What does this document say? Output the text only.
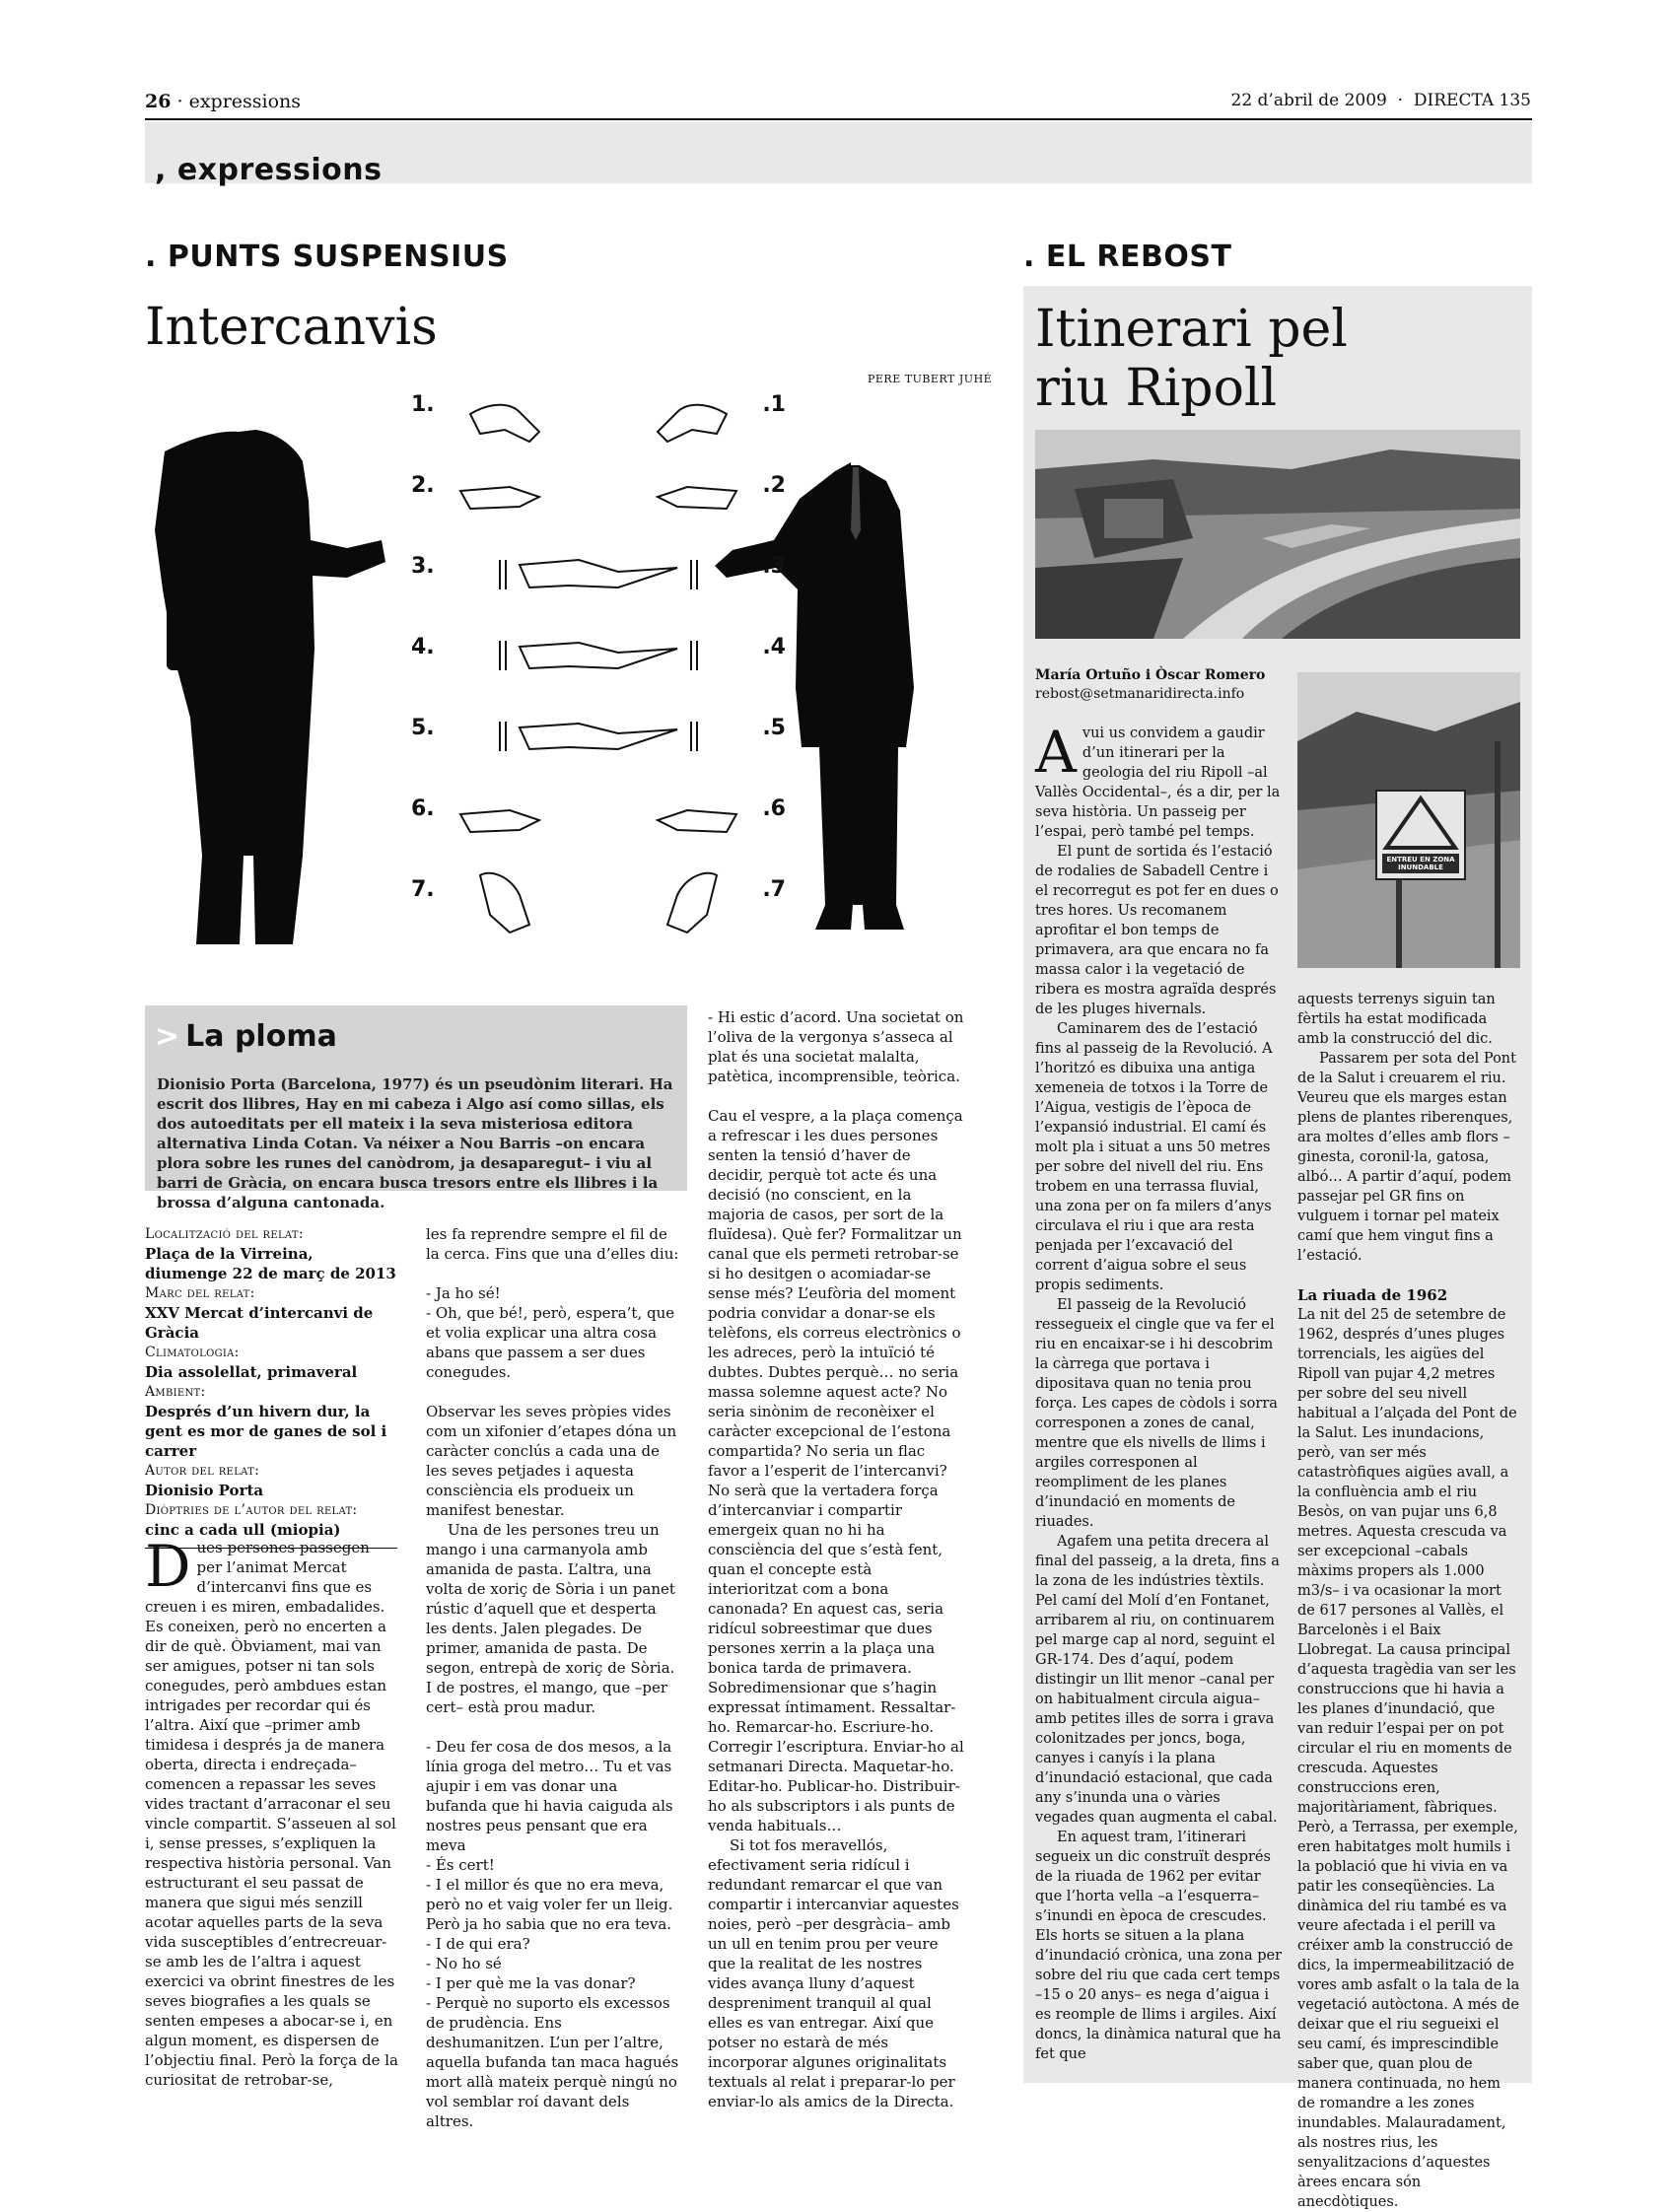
26 · expressions	22 d’abril de 2009  ·  DIRECTA 135
, expressions
. PUNTS SUSPENSIUS
Intercanvis
PERE TUBERT JUHÉ
1.
2.
3.
4.
5.
6.
7.
.1
.2
.3
.4
.5
.6
.7
> La ploma
Dionisio Porta (Barcelona, 1977) és un pseudònim literari. Ha escrit dos llibres, Hay en mi cabeza i Algo así como sillas, els dos autoeditats per ell mateix i la seva misteriosa editora alternativa Linda Cotan. Va néixer a Nou Barris –on encara plora sobre les runes del canòdrom, ja desaparegut– i viu al barri de Gràcia, on encara busca tresors entre els llibres i la brossa d’alguna cantonada.
Localització del relat:
Plaça de la Virreina, diumenge 22 de març de 2013
Marc del relat:
XXV Mercat d’intercanvi de Gràcia
Climatologia:
Dia assolellat, primaveral
Ambient:
Després d’un hivern dur, la gent es mor de ganes de sol i carrer
Autor del relat:
Dionisio Porta
Diòptries de l’autor del relat:
cinc a cada ull (miopia)
Dues persones passegen per l’animat Mercat d’intercanvi fins que es creuen i es miren, embadalides. Es coneixen, però no encerten a dir de què. Òbviament, mai van ser amigues, potser ni tan sols conegudes, però ambdues estan intrigades per recordar qui és l’altra. Així que –primer amb timidesa i després ja de manera oberta, directa i endreçada– comencen a repassar les seves vides tractant d’arraconar el seu vincle compartit. S’asseuen al sol i, sense presses, s’expliquen la respectiva història personal. Van estructurant el seu passat de manera que sigui més senzill acotar aquelles parts de la seva vida susceptibles d’entrecreuar-se amb les de l’altra i aquest exercici va obrint finestres de les seves biografies a les quals se senten empeses a abocar-se i, en algun moment, es dispersen de l’objectiu final. Però la força de la curiositat de retrobar-se,

les fa reprendre sempre el fil de la cerca. Fins que una d’elles diu:

- Ja ho sé!

- Oh, que bé!, però, espera’t, que et volia explicar una altra cosa abans que passem a ser dues conegudes.

Observar les seves pròpies vides com un xifonier d’etapes dóna un caràcter conclús a cada una de les seves petjades i aquesta consciència els produeix un manifest benestar.

Una de les persones treu un mango i una carmanyola amb amanida de pasta. L’altra, una volta de xoriç de Sòria i un panet rústic d’aquell que et desperta les dents. Jalen plegades. De primer, amanida de pasta. De segon, entrepà de xoriç de Sòria. I de postres, el mango, que –per cert– està prou madur.

- Deu fer cosa de dos mesos, a la línia groga del metro… Tu et vas ajupir i em vas donar una bufanda que hi havia caiguda als nostres peus pensant que era meva

- És cert!

- I el millor és que no era meva, però no et vaig voler fer un lleig. Però ja ho sabia que no era teva.

- I de qui era?

- No ho sé

- I per què me la vas donar?

- Perquè no suporto els excessos de prudència. Ens deshumanitzen. L’un per l’altre, aquella bufanda tan maca hagués mort allà mateix perquè ningú no vol semblar roí davant dels altres.

- Hi estic d’acord. Una societat on l’oliva de la vergonya s’asseca al plat és una societat malalta, patètica, incomprensible, teòrica.

Cau el vespre, a la plaça comença a refrescar i les dues persones senten la tensió d’haver de decidir, perquè tot acte és una decisió (no conscient, en la majoria de casos, per sort de la fluïdesa). Què fer? Formalitzar un canal que els permeti retrobar-se si ho desitgen o acomiadar-se sense més? L’eufòria del moment podria convidar a donar-se els telèfons, els correus electrònics o les adreces, però la intuïció té dubtes. Dubtes perquè… no seria massa solemne aquest acte? No seria sinònim de reconèixer el caràcter excepcional de l’estona compartida? No seria un flac favor a l’esperit de l’intercanvi? No serà que la vertadera força d’intercanviar i compartir emergeix quan no hi ha consciència del que s’està fent, quan el concepte està interioritzat com a bona canonada? En aquest cas, seria ridícul sobreestimar que dues persones xerrin a la plaça una bonica tarda de primavera. Sobredimensionar que s’hagin expressat íntimament. Ressaltar-ho. Remarcar-ho. Escriure-ho. Corregir l’escriptura. Enviar-ho al setmanari Directa. Maquetar-ho. Editar-ho. Publicar-ho. Distribuir-ho als subscriptors i als punts de venda habituals…

Si tot fos meravellós, efectivament seria ridícul i redundant remarcar el que van compartir i intercanviar aquestes noies, però –per desgràcia– amb un ull en tenim prou per veure que la realitat de les nostres vides avança lluny d’aquest despreniment tranquil al qual elles es van entregar. Així que potser no estarà de més incorporar algunes originalitats textuals al relat i preparar-lo per enviar-lo als amics de la Directa.

. EL REBOST
Itinerari pel
riu Ripoll
María Ortuño i Òscar Romero
rebost@setmanaridirecta.info
ENTREU EN ZONA INUNDABLE
A vui us convidem a gaudir d’un itinerari per la geologia del riu Ripoll –al Vallès Occidental–, és a dir, per la seva història. Un passeig per l’espai, però també pel temps.

El punt de sortida és l’estació de rodalies de Sabadell Centre i el recorregut es pot fer en dues o tres hores. Us recomanem aprofitar el bon temps de primavera, ara que encara no fa massa calor i la vegetació de ribera es mostra agraïda després de les pluges hivernals.

Caminarem des de l’estació fins al passeig de la Revolució. A l’horitzó es dibuixa una antiga xemeneia de totxos i la Torre de l’Aigua, vestigis de l’època de l’expansió industrial. El camí és molt pla i situat a uns 50 metres per sobre del nivell del riu. Ens trobem en una terrassa fluvial, una zona per on fa milers d’anys circulava el riu i que ara resta penjada per l’excavació del corrent d’aigua sobre el seus propis sediments.

El passeig de la Revolució ressegueix el cingle que va fer el riu en encaixar-se i hi descobrim la càrrega que portava i dipositava quan no tenia prou força. Les capes de còdols i sorra corresponen a zones de canal, mentre que els nivells de llims i argiles corresponen al reompliment de les planes d’inundació en moments de riuades.

Agafem una petita drecera al final del passeig, a la dreta, fins a la zona de les indústries tèxtils. Pel camí del Molí d’en Fontanet, arribarem al riu, on continuarem pel marge cap al nord, seguint el GR-174. Des d’aquí, podem distingir un llit menor –canal per on habitualment circula aigua– amb petites illes de sorra i grava colonitzades per joncs, boga, canyes i canyís i la plana d’inundació estacional, que cada any s’inunda una o vàries vegades quan augmenta el cabal.

En aquest tram, l’itinerari segueix un dic construït després de la riuada de 1962 per evitar que l’horta vella –a l’esquerra– s’inundi en època de crescudes. Els horts se situen a la plana d’inundació crònica, una zona per sobre del riu que cada cert temps –15 o 20 anys– es nega d’aigua i es reomple de llims i argiles. Així doncs, la dinàmica natural que ha fet que

aquests terrenys siguin tan fèrtils ha estat modificada amb la construcció del dic.

Passarem per sota del Pont de la Salut i creuarem el riu. Veureu que els marges estan plens de plantes riberenques, ara moltes d’elles amb flors –ginesta, coronil·la, gatosa, albó… A partir d’aquí, podem passejar pel GR fins on vulguem i tornar pel mateix camí que hem vingut fins a l’estació.

La riuada de 1962

La nit del 25 de setembre de 1962, després d’unes pluges torrencials, les aigües del Ripoll van pujar 4,2 metres per sobre del seu nivell habitual a l’alçada del Pont de la Salut. Les inundacions, però, van ser més catastròfiques aigües avall, a la confluència amb el riu Besòs, on van pujar uns 6,8 metres. Aquesta crescuda va ser excepcional –cabals màxims propers als 1.000 m3/s– i va ocasionar la mort de 617 persones al Vallès, el Barcelonès i el Baix Llobregat. La causa principal d’aquesta tragèdia van ser les construccions que hi havia a les planes d’inundació, que van reduir l’espai per on pot circular el riu en moments de crescuda. Aquestes construccions eren, majoritàriament, fàbriques. Però, a Terrassa, per exemple, eren habitatges molt humils i la població que hi vivia en va patir les conseqüències. La dinàmica del riu també es va veure afectada i el perill va créixer amb la construcció de dics, la impermeabilització de vores amb asfalt o la tala de la vegetació autòctona. A més de deixar que el riu segueixi el seu camí, és imprescindible saber que, quan plou de manera continuada, no hem de romandre a les zones inundables. Malauradament, als nostres rius, les senyalitzacions d’aquestes àrees encara són anecdòtiques.
